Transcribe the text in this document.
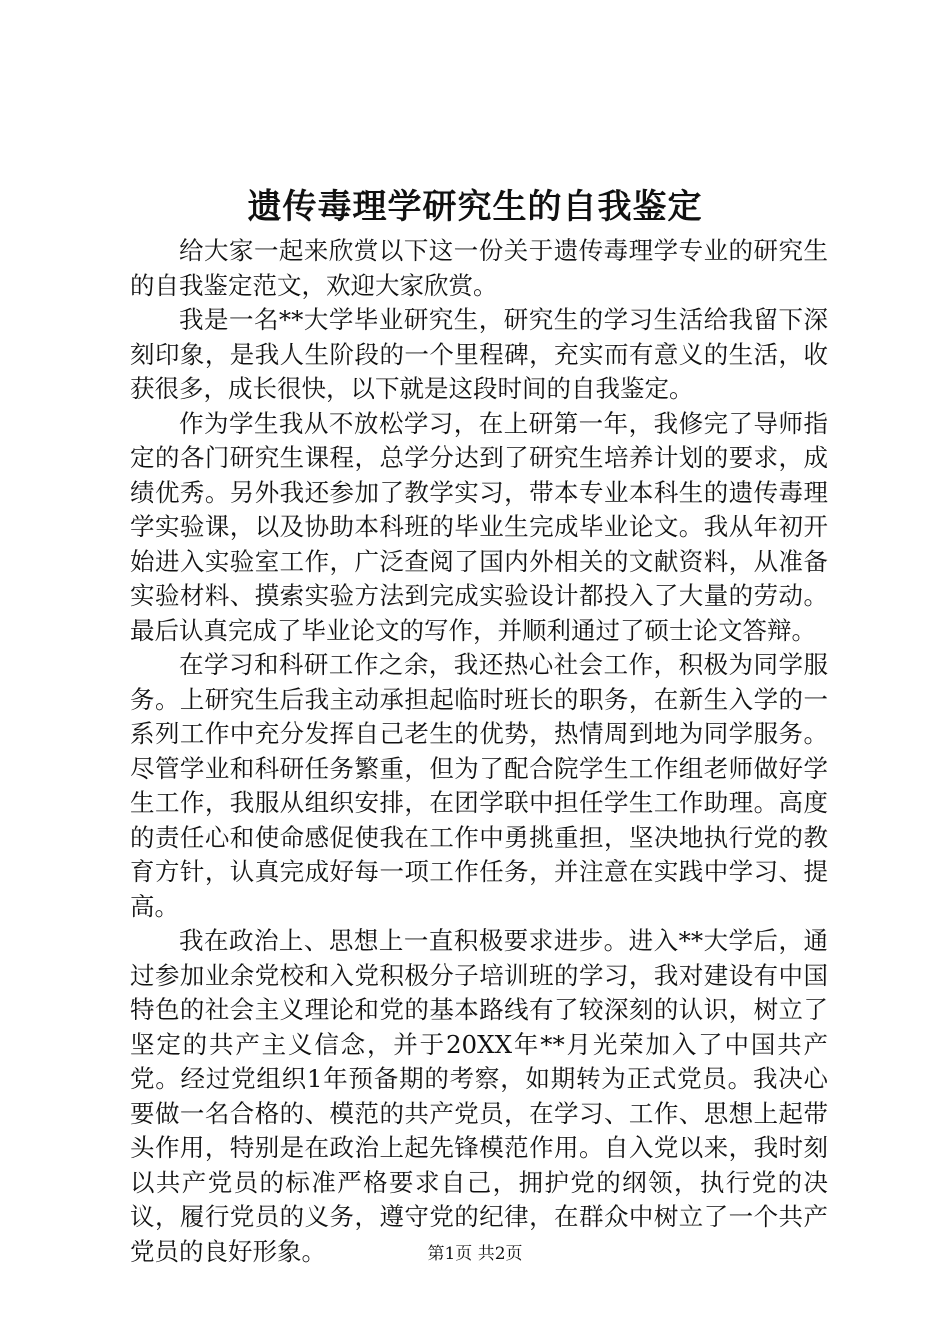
遗传毒理学研究生的自我鉴定

给大家一起来欣赏以下这一份关于遗传毒理学专业的研究生的自我鉴定范文，欢迎大家欣赏。

我是一名**大学毕业研究生，研究生的学习生活给我留下深刻印象，是我人生阶段的一个里程碑，充实而有意义的生活，收获很多，成长很快，以下就是这段时间的自我鉴定。

作为学生我从不放松学习，在上研第一年，我修完了导师指定的各门研究生课程，总学分达到了研究生培养计划的要求，成绩优秀。另外我还参加了教学实习，带本专业本科生的遗传毒理学实验课，以及协助本科班的毕业生完成毕业论文。我从年初开始进入实验室工作，广泛查阅了国内外相关的文献资料，从准备实验材料、摸索实验方法到完成实验设计都投入了大量的劳动。最后认真完成了毕业论文的写作，并顺利通过了硕士论文答辩。

在学习和科研工作之余，我还热心社会工作，积极为同学服务。上研究生后我主动承担起临时班长的职务，在新生入学的一系列工作中充分发挥自己老生的优势，热情周到地为同学服务。尽管学业和科研任务繁重，但为了配合院学生工作组老师做好学生工作，我服从组织安排，在团学联中担任学生工作助理。高度的责任心和使命感促使我在工作中勇挑重担，坚决地执行党的教育方针，认真完成好每一项工作任务，并注意在实践中学习、提高。

我在政治上、思想上一直积极要求进步。进入**大学后，通过参加业余党校和入党积极分子培训班的学习，我对建设有中国特色的社会主义理论和党的基本路线有了较深刻的认识，树立了坚定的共产主义信念，并于20XX年**月光荣加入了中国共产党。经过党组织1年预备期的考察，如期转为正式党员。我决心要做一名合格的、模范的共产党员，在学习、工作、思想上起带头作用，特别是在政治上起先锋模范作用。自入党以来，我时刻以共产党员的标准严格要求自己，拥护党的纲领，执行党的决议，履行党员的义务，遵守党的纪律，在群众中树立了一个共产党员的良好形象。	第1页 共2页
